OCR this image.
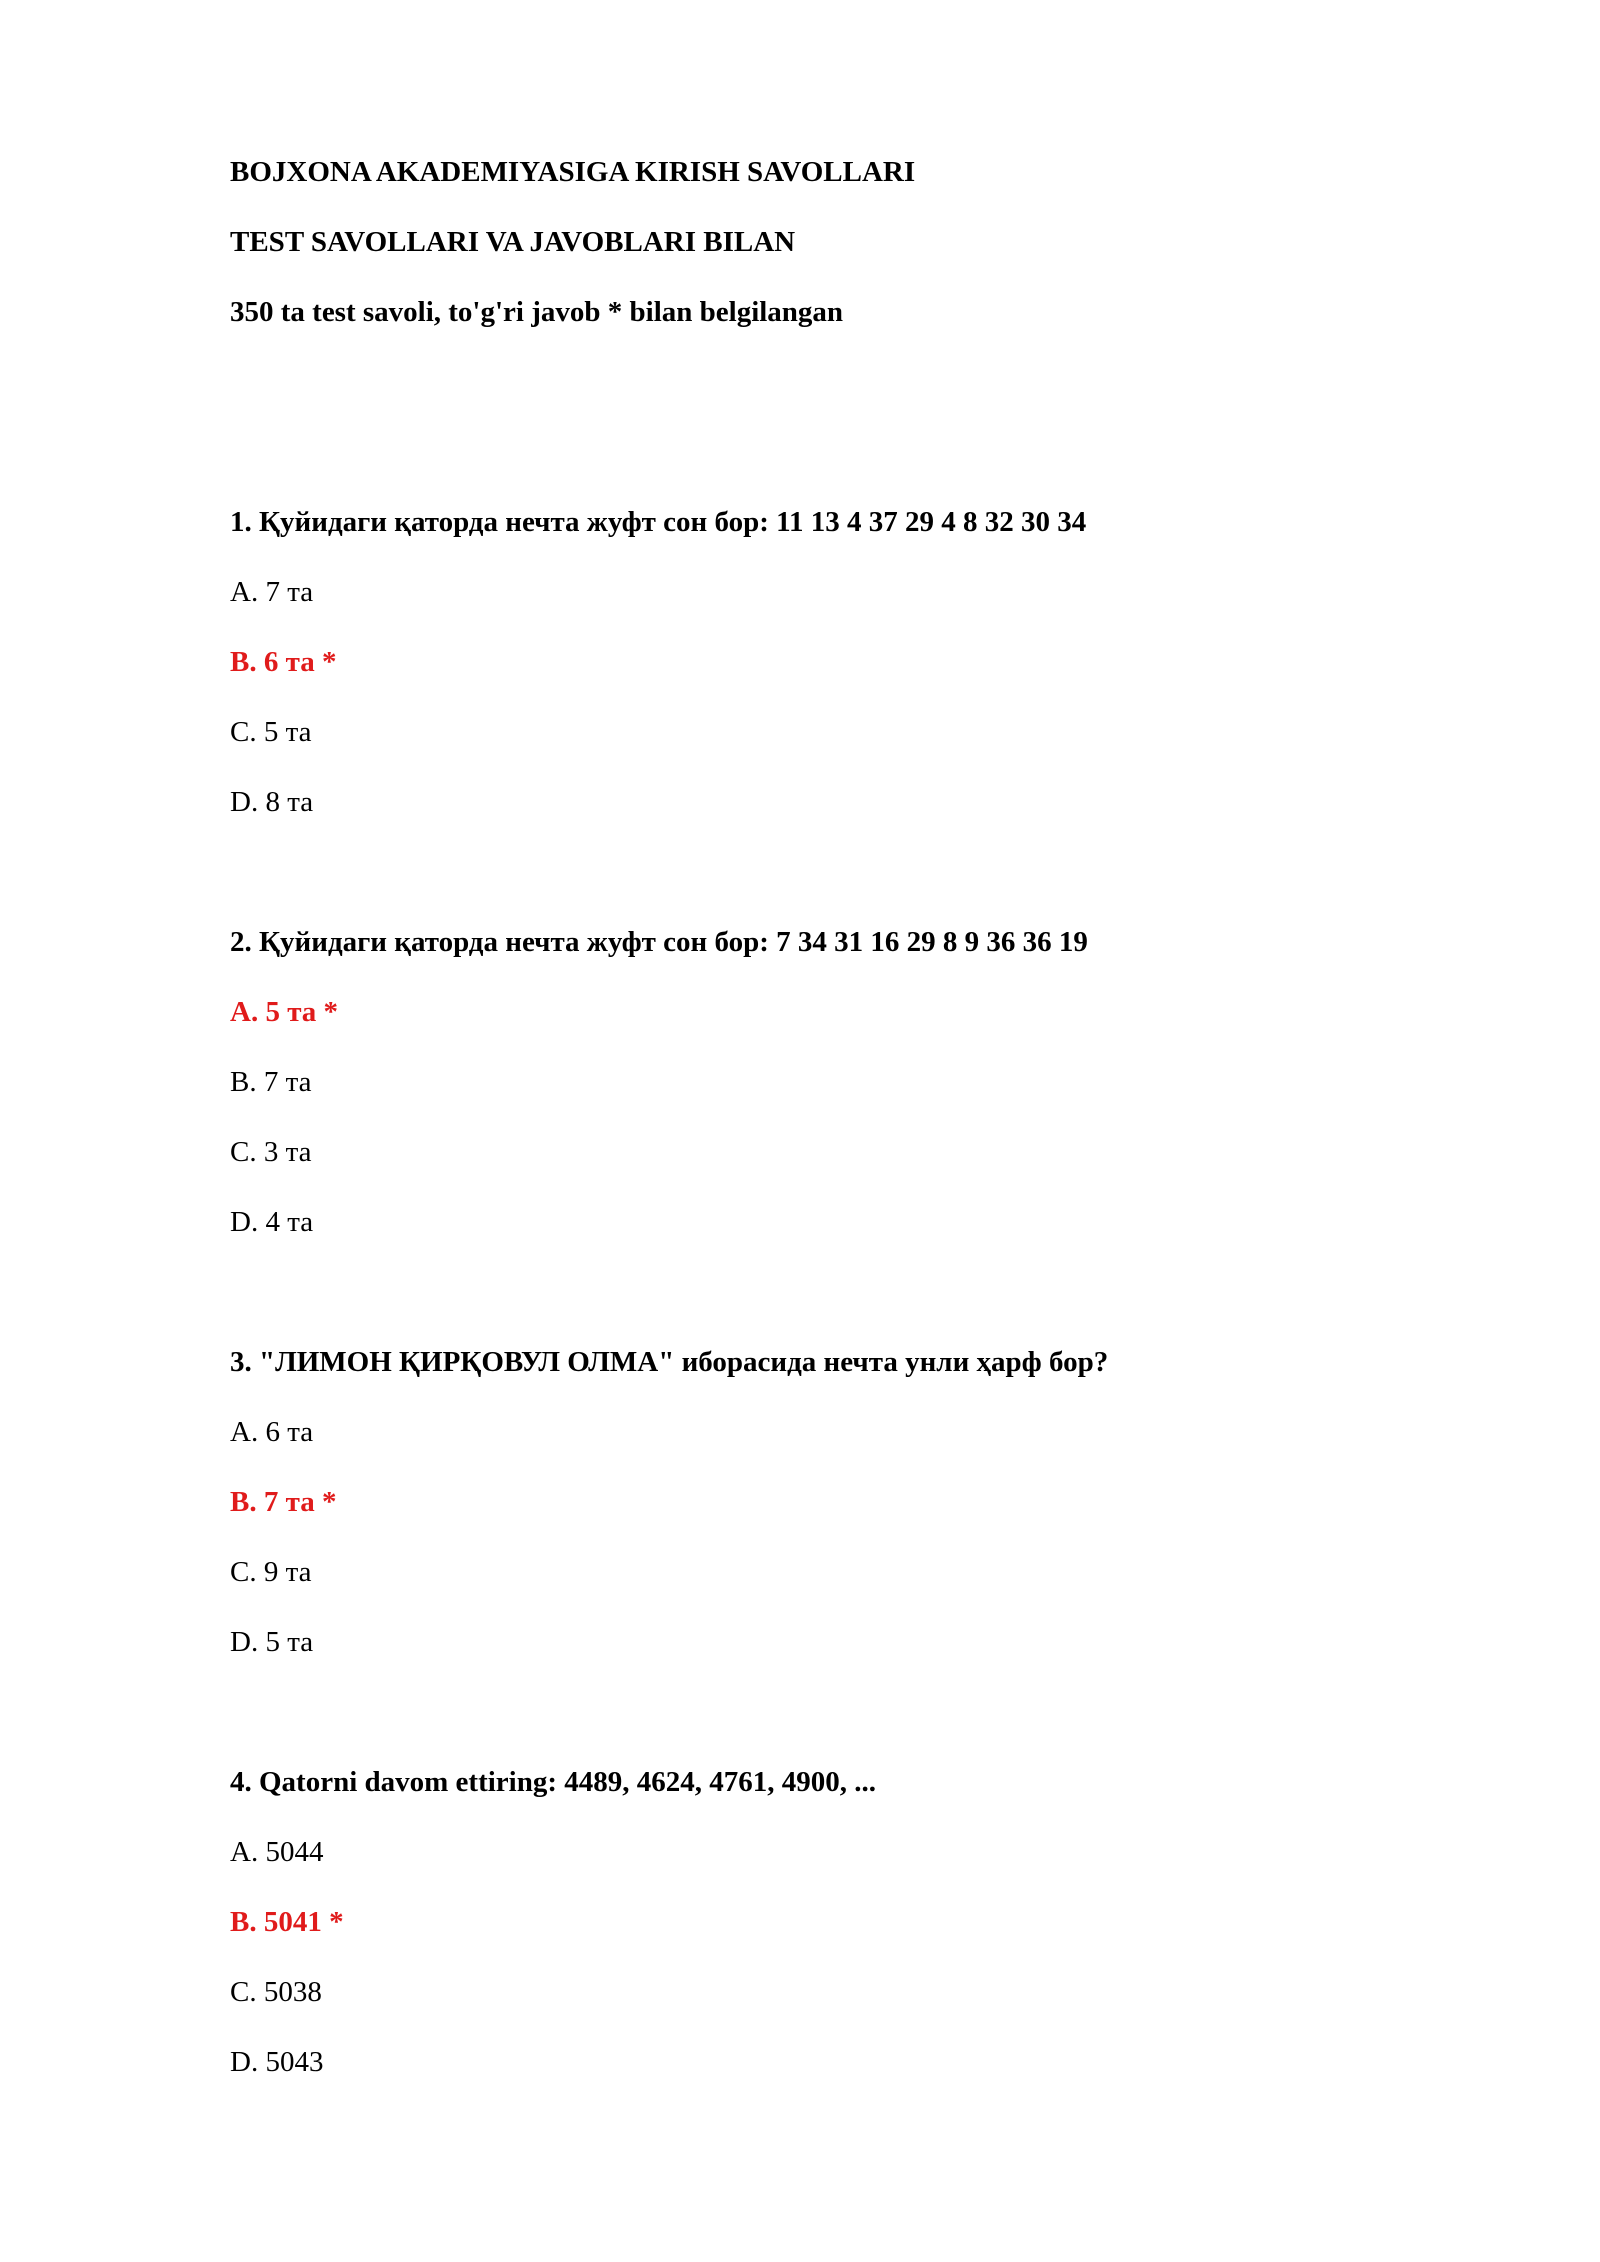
BOJXONA AKADEMIYASIGA KIRISH SAVOLLARI
TEST SAVOLLARI VA JAVOBLARI BILAN
350 ta test savoli, to'g'ri javob * bilan belgilangan
1. Қуйидаги қаторда нечта жуфт сон бор: 11 13 4 37 29 4 8 32 30 34
A. 7 та
B. 6 та *
C. 5 та
D. 8 та
2. Қуйидаги қаторда нечта жуфт сон бор: 7 34 31 16 29 8 9 36 36 19
A. 5 та *
B. 7 та
C. 3 та
D. 4 та
3. "ЛИМОН ҚИРҚОВУЛ ОЛМА" иборасида нечта унли ҳарф бор?
A. 6 та
B. 7 та *
C. 9 та
D. 5 та
4. Qatorni davom ettiring: 4489, 4624, 4761, 4900, ...
A. 5044
B. 5041 *
C. 5038
D. 5043
